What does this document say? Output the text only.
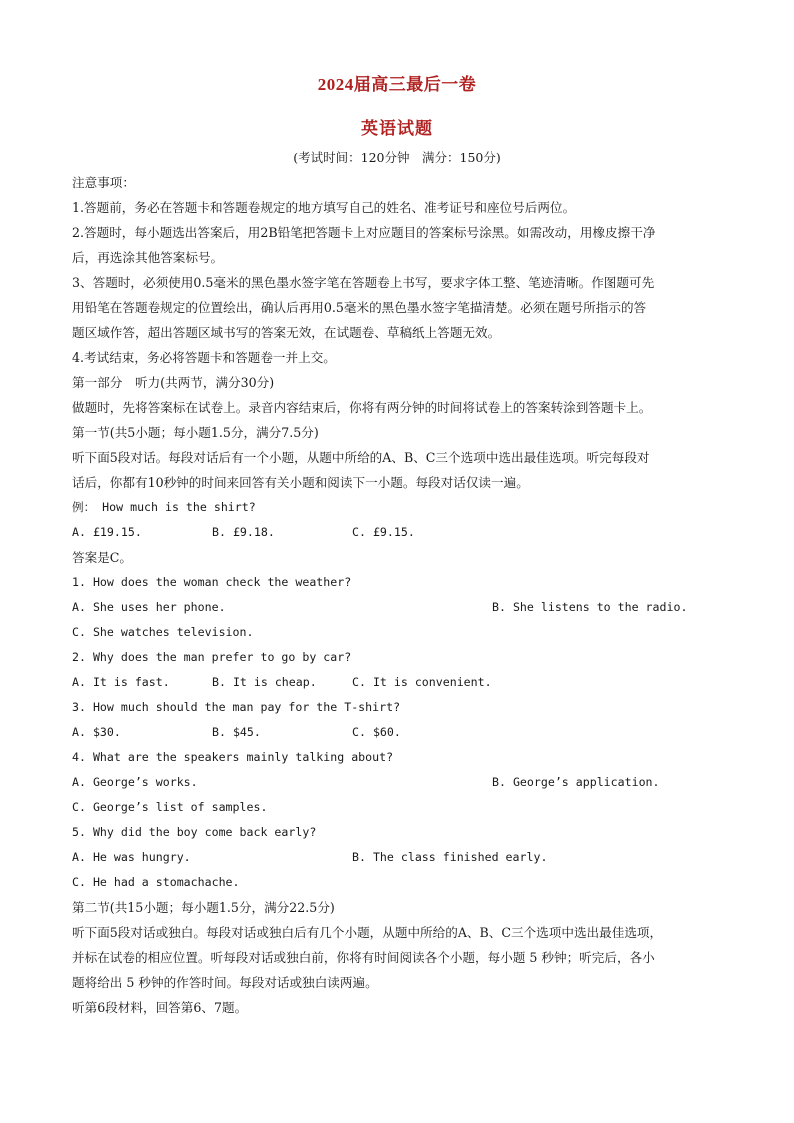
2024届高三最后一卷
英语试题
(考试时间：120分钟　满分：150分)
注意事项：
1.答题前，务必在答题卡和答题卷规定的地方填写自己的姓名、准考证号和座位号后两位。
2.答题时，每小题选出答案后，用2B铅笔把答题卡上对应题目的答案标号涂黑。如需改动，用橡皮擦干净
后，再选涂其他答案标号。
3、答题时，必须使用0.5毫米的黑色墨水签字笔在答题卷上书写，要求字体工整、笔迹清晰。作图题可先
用铅笔在答题卷规定的位置绘出，确认后再用0.5毫米的黑色墨水签字笔描清楚。必须在题号所指示的答
题区域作答，超出答题区域书写的答案无效，在试题卷、草稿纸上答题无效。
4.考试结束，务必将答题卡和答题卷一并上交。
第一部分　听力(共两节，满分30分)
做题时，先将答案标在试卷上。录音内容结束后，你将有两分钟的时间将试卷上的答案转涂到答题卡上。
第一节(共5小题；每小题1.5分，满分7.5分)
听下面5段对话。每段对话后有一个小题，从题中所给的A、B、C三个选项中选出最佳选项。听完每段对
话后，你都有10秒钟的时间来回答有关小题和阅读下一小题。每段对话仅读一遍。
例： How much is the shirt?
A. £19.15.	B. £9.18.	C. £9.15.
答案是C。
1. How does the woman check the weather?
A. She uses her phone.	B. She listens to the radio.
C. She watches television.
2. Why does the man prefer to go by car?
A. It is fast.	B. It is cheap.	C. It is convenient.
3. How much should the man pay for the T-shirt?
A. $30.	B. $45.	C. $60.
4. What are the speakers mainly talking about?
A. George’s works.	B. George’s application.
C. George’s list of samples.
5. Why did the boy come back early?
A. He was hungry.	B. The class finished early.
C. He had a stomachache.
第二节(共15小题；每小题1.5分，满分22.5分)
听下面5段对话或独白。每段对话或独白后有几个小题，从题中所给的A、B、C三个选项中选出最佳选项，
并标在试卷的相应位置。听每段对话或独白前，你将有时间阅读各个小题，每小题 5 秒钟；听完后，各小
题将给出 5 秒钟的作答时间。每段对话或独白读两遍。
听第6段材料，回答第6、7题。
